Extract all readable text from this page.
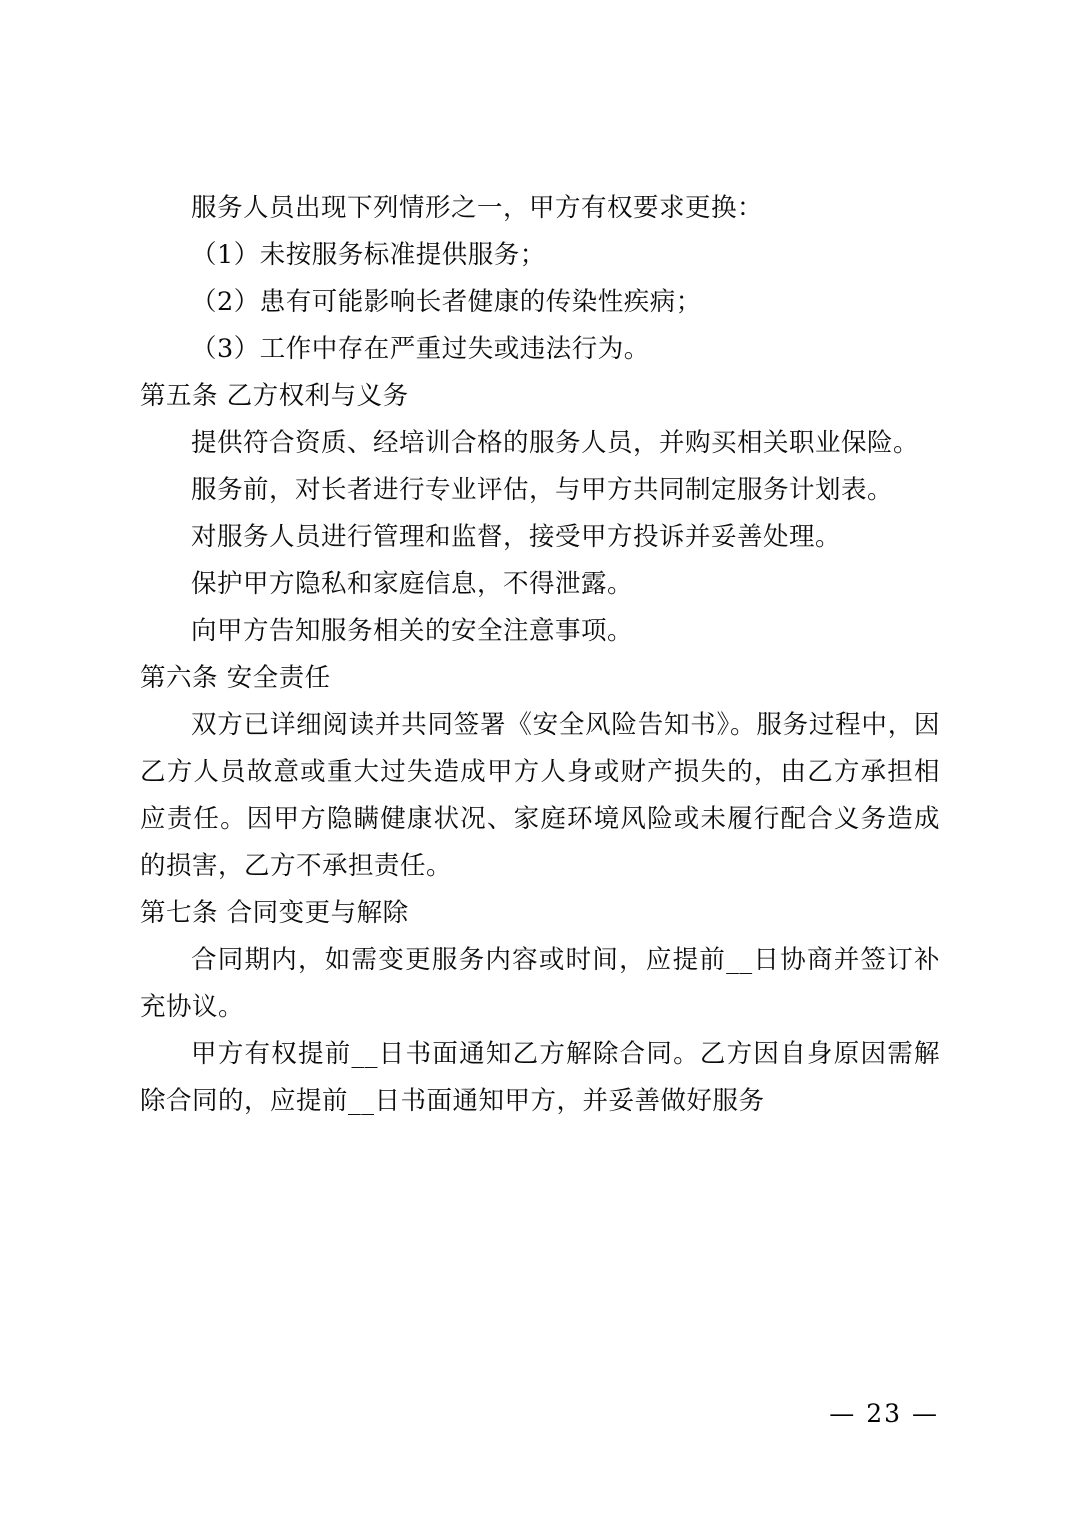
服务人员出现下列情形之一，甲方有权要求更换：

（1）未按服务标准提供服务；

（2）患有可能影响长者健康的传染性疾病；

（3）工作中存在严重过失或违法行为。

第五条 乙方权利与义务

提供符合资质、经培训合格的服务人员，并购买相关职业保险。

服务前，对长者进行专业评估，与甲方共同制定服务计划表。

对服务人员进行管理和监督，接受甲方投诉并妥善处理。

保护甲方隐私和家庭信息，不得泄露。

向甲方告知服务相关的安全注意事项。

第六条 安全责任

双方已详细阅读并共同签署《安全风险告知书》。服务过程中，因乙方人员故意或重大过失造成甲方人身或财产损失的，由乙方承担相应责任。因甲方隐瞒健康状况、家庭环境风险或未履行配合义务造成的损害，乙方不承担责任。

第七条 合同变更与解除

合同期内，如需变更服务内容或时间，应提前__日协商并签订补充协议。

甲方有权提前__日书面通知乙方解除合同。乙方因自身原因需解除合同的，应提前__日书面通知甲方，并妥善做好服务

— 23 —
